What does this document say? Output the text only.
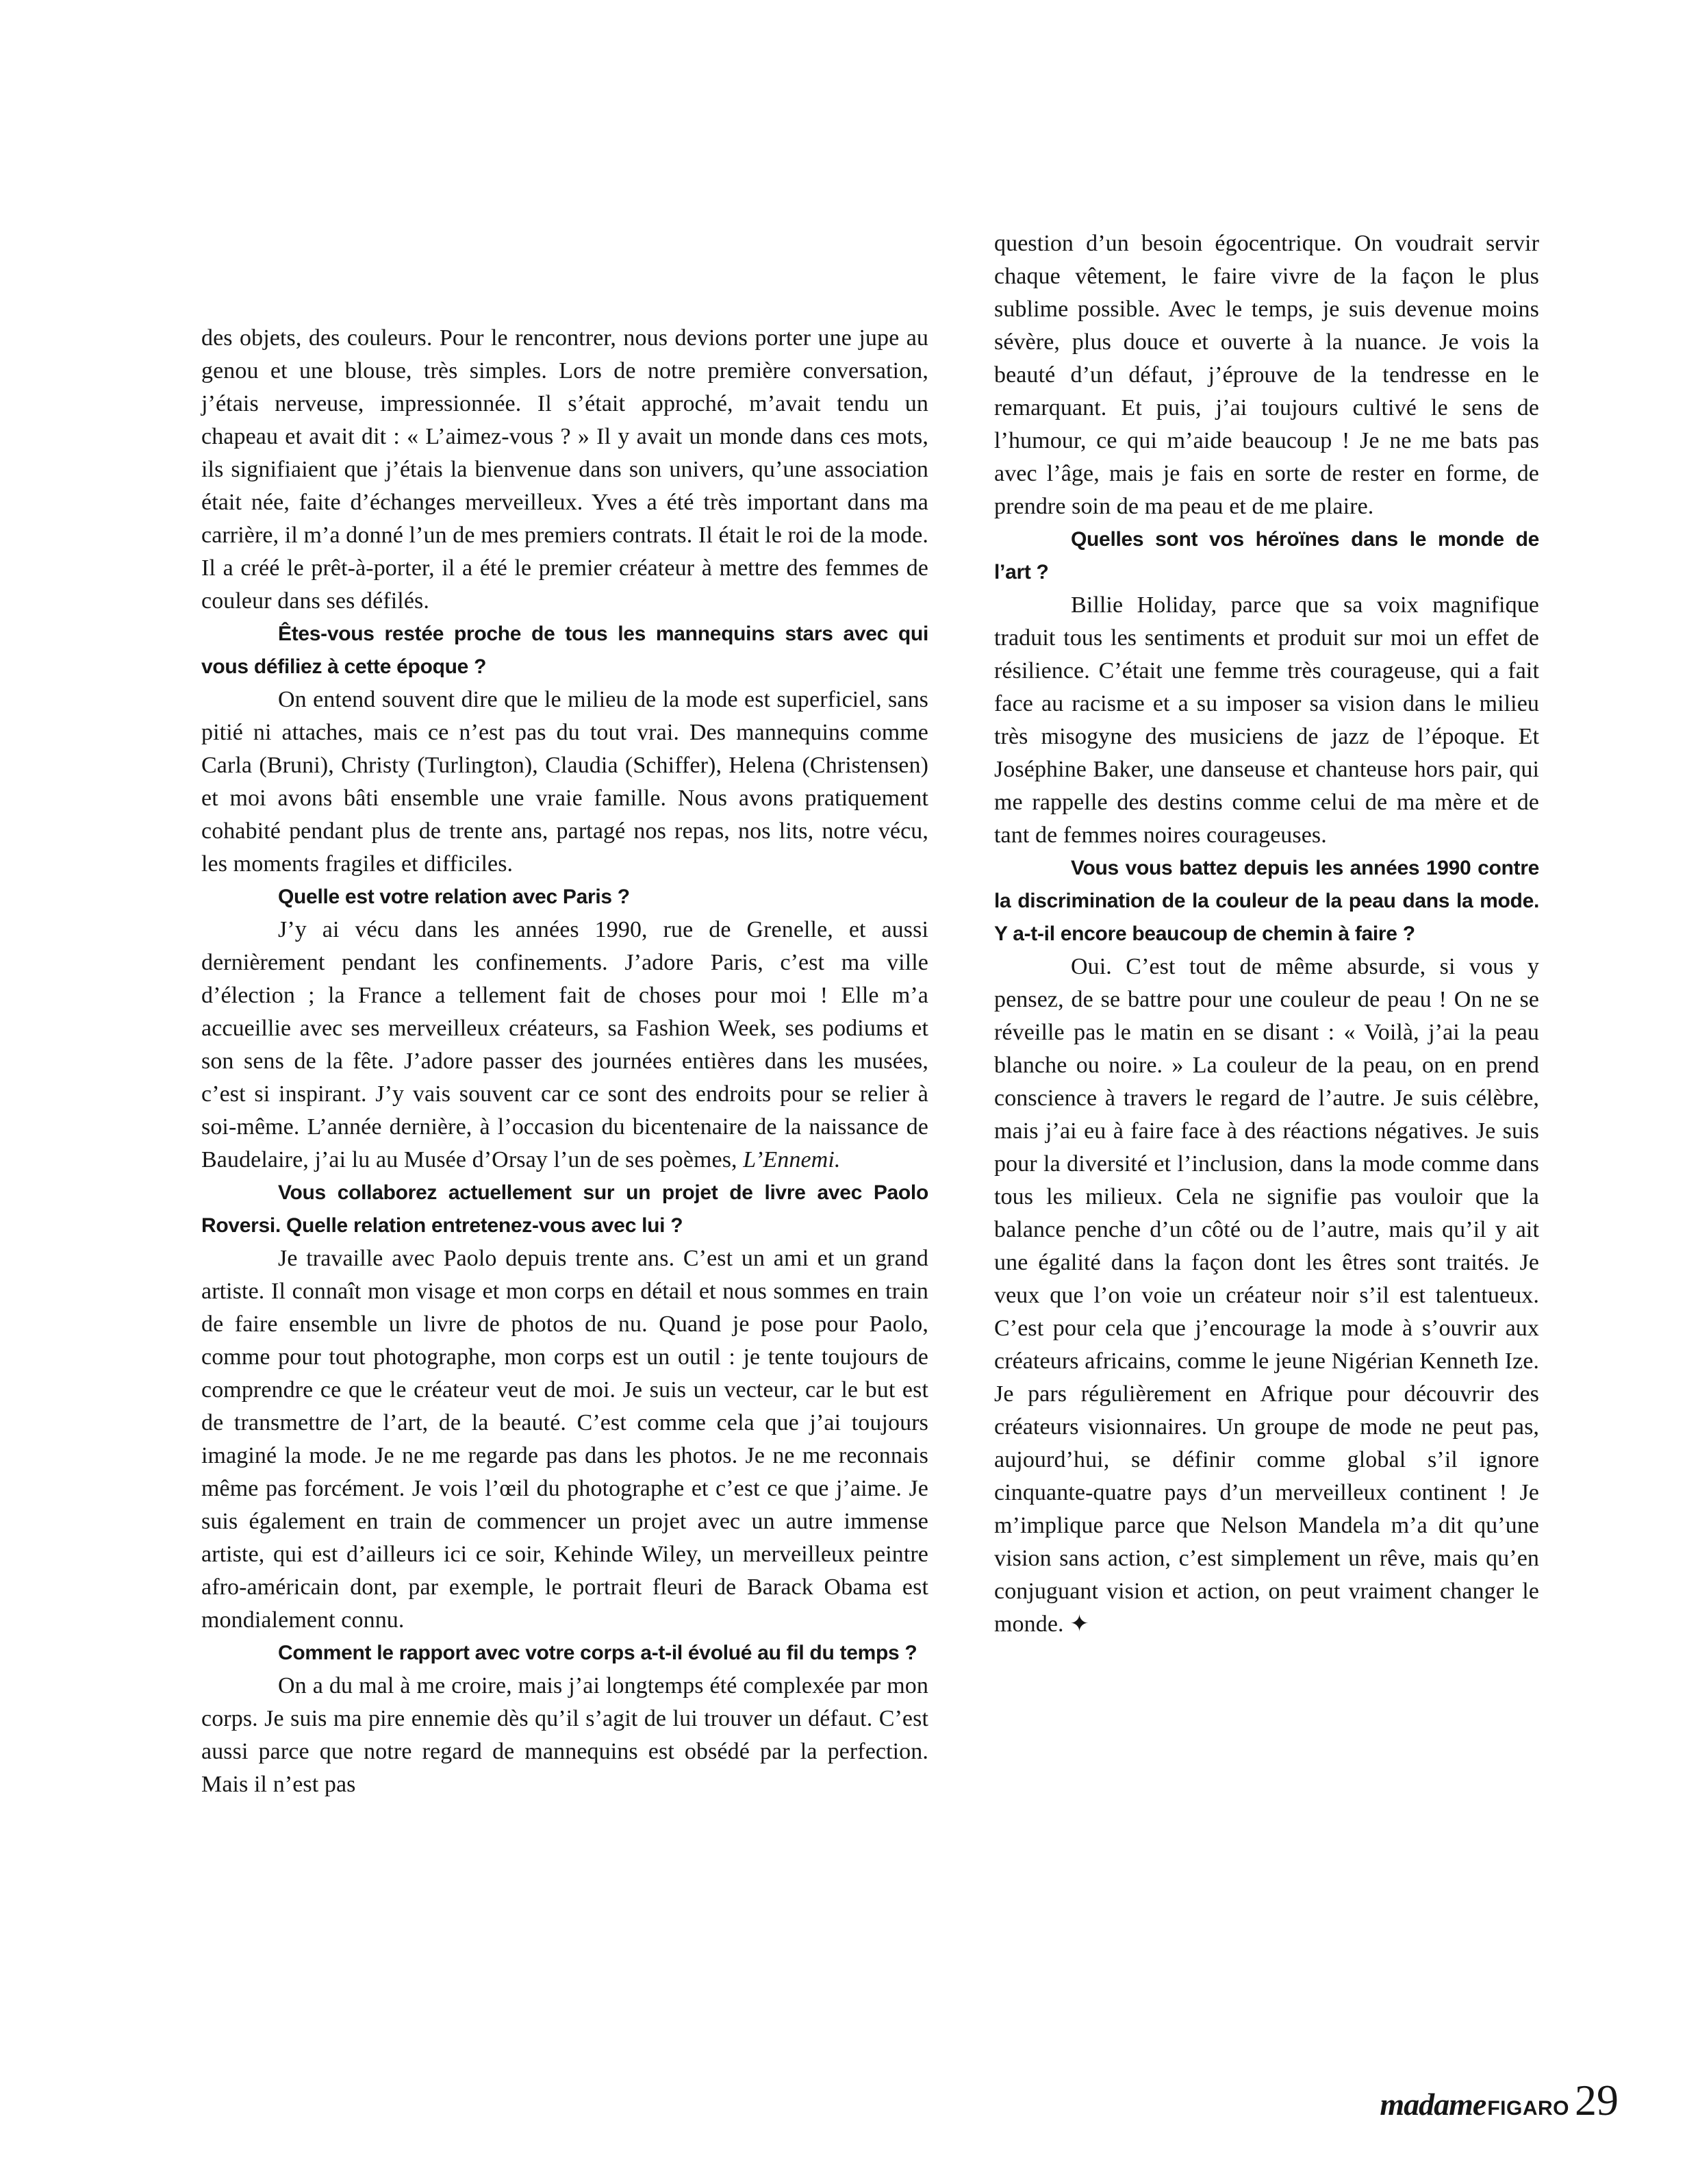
des objets, des couleurs. Pour le rencontrer, nous devions porter une jupe au genou et une blouse, très simples. Lors de notre première conversation, j’étais nerveuse, impressionnée. Il s’était approché, m’avait tendu un chapeau et avait dit : « L’aimez-vous ? » Il y avait un monde dans ces mots, ils signifiaient que j’étais la bienvenue dans son univers, qu’une association était née, faite d’échanges merveilleux. Yves a été très important dans ma carrière, il m’a donné l’un de mes premiers contrats. Il était le roi de la mode. Il a créé le prêt-à-porter, il a été le premier créateur à mettre des femmes de couleur dans ses défilés.

Êtes-vous restée proche de tous les mannequins stars avec qui vous défiliez à cette époque ?

On entend souvent dire que le milieu de la mode est superficiel, sans pitié ni attaches, mais ce n’est pas du tout vrai. Des mannequins comme Carla (Bruni), Christy (Turlington), Claudia (Schiffer), Helena (Christensen) et moi avons bâti ensemble une vraie famille. Nous avons pratiquement cohabité pendant plus de trente ans, partagé nos repas, nos lits, notre vécu, les moments fragiles et difficiles.

Quelle est votre relation avec Paris ?

J’y ai vécu dans les années 1990, rue de Grenelle, et aussi dernièrement pendant les confinements. J’adore Paris, c’est ma ville d’élection ; la France a tellement fait de choses pour moi ! Elle m’a accueillie avec ses merveilleux créateurs, sa Fashion Week, ses podiums et son sens de la fête. J’adore passer des journées entières dans les musées, c’est si inspirant. J’y vais souvent car ce sont des endroits pour se relier à soi-même. L’année dernière, à l’occasion du bicentenaire de la naissance de Baudelaire, j’ai lu au Musée d’Orsay l’un de ses poèmes, L’Ennemi.

Vous collaborez actuellement sur un projet de livre avec Paolo Roversi. Quelle relation entretenez-vous avec lui ?

Je travaille avec Paolo depuis trente ans. C’est un ami et un grand artiste. Il connaît mon visage et mon corps en détail et nous sommes en train de faire ensemble un livre de photos de nu. Quand je pose pour Paolo, comme pour tout photographe, mon corps est un outil : je tente toujours de comprendre ce que le créateur veut de moi. Je suis un vecteur, car le but est de transmettre de l’art, de la beauté. C’est comme cela que j’ai toujours imaginé la mode. Je ne me regarde pas dans les photos. Je ne me reconnais même pas forcément. Je vois l’œil du photographe et c’est ce que j’aime. Je suis également en train de commencer un projet avec un autre immense artiste, qui est d’ailleurs ici ce soir, Kehinde Wiley, un merveilleux peintre afro-américain dont, par exemple, le portrait fleuri de Barack Obama est mondialement connu.

Comment le rapport avec votre corps a-t-il évolué au fil du temps ?

On a du mal à me croire, mais j’ai longtemps été complexée par mon corps. Je suis ma pire ennemie dès qu’il s’agit de lui trouver un défaut. C’est aussi parce que notre regard de mannequins est obsédé par la perfection. Mais il n’est pas

question d’un besoin égocentrique. On voudrait servir chaque vêtement, le faire vivre de la façon le plus sublime possible. Avec le temps, je suis devenue moins sévère, plus douce et ouverte à la nuance. Je vois la beauté d’un défaut, j’éprouve de la tendresse en le remarquant. Et puis, j’ai toujours cultivé le sens de l’humour, ce qui m’aide beaucoup ! Je ne me bats pas avec l’âge, mais je fais en sorte de rester en forme, de prendre soin de ma peau et de me plaire.

Quelles sont vos héroïnes dans le monde de l’art ?

Billie Holiday, parce que sa voix magnifique traduit tous les sentiments et produit sur moi un effet de résilience. C’était une femme très courageuse, qui a fait face au racisme et a su imposer sa vision dans le milieu très misogyne des musiciens de jazz de l’époque. Et Joséphine Baker, une danseuse et chanteuse hors pair, qui me rappelle des destins comme celui de ma mère et de tant de femmes noires courageuses.

Vous vous battez depuis les années 1990 contre la discrimination de la couleur de la peau dans la mode. Y a-t-il encore beaucoup de chemin à faire ?

Oui. C’est tout de même absurde, si vous y pensez, de se battre pour une couleur de peau ! On ne se réveille pas le matin en se disant : « Voilà, j’ai la peau blanche ou noire. » La couleur de la peau, on en prend conscience à travers le regard de l’autre. Je suis célèbre, mais j’ai eu à faire face à des réactions négatives. Je suis pour la diversité et l’inclusion, dans la mode comme dans tous les milieux. Cela ne signifie pas vouloir que la balance penche d’un côté ou de l’autre, mais qu’il y ait une égalité dans la façon dont les êtres sont traités. Je veux que l’on voie un créateur noir s’il est talentueux. C’est pour cela que j’encourage la mode à s’ouvrir aux créateurs africains, comme le jeune Nigérian Kenneth Ize. Je pars régulièrement en Afrique pour découvrir des créateurs visionnaires. Un groupe de mode ne peut pas, aujourd’hui, se définir comme global s’il ignore cinquante-quatre pays d’un merveilleux continent ! Je m’implique parce que Nelson Mandela m’a dit qu’une vision sans action, c’est simplement un rêve, mais qu’en conjuguant vision et action, on peut vraiment changer le monde. ✦

madameFIGARO 29
